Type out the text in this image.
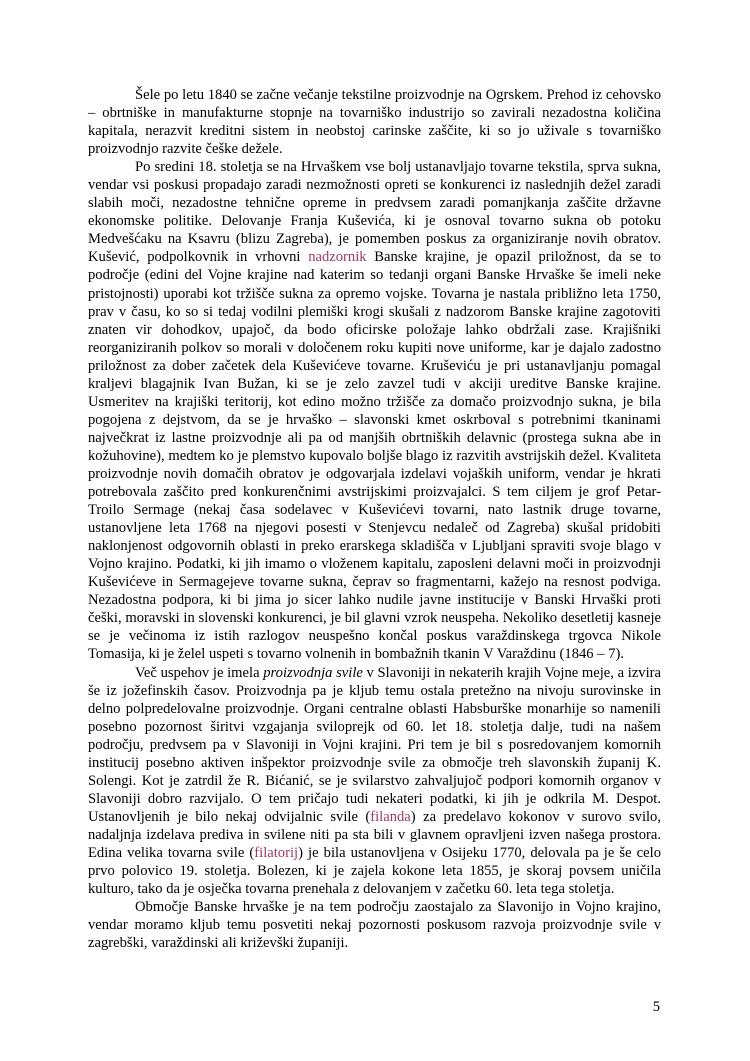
Šele po letu 1840 se začne večanje tekstilne proizvodnje na Ogrskem. Prehod iz cehovsko – obrtniške in manufakturne stopnje na tovarniško industrijo so zavirali nezadostna količina kapitala, nerazvit kreditni sistem in neobstoj carinske zaščite, ki so jo uživale s tovarniško proizvodnjo razvite češke dežele.

Po sredini 18. stoletja se na Hrvaškem vse bolj ustanavljajo tovarne tekstila, sprva sukna, vendar vsi poskusi propadajo zaradi nezmožnosti opreti se konkurenci iz naslednjih dežel zaradi slabih moči, nezadostne tehnične opreme in predvsem zaradi pomanjkanja zaščite državne ekonomske politike. Delovanje Franja Kuševića, ki je osnoval tovarno sukna ob potoku Medvešćaku na Ksavru (blizu Zagreba), je pomemben poskus za organiziranje novih obratov. Kušević, podpolkovnik in vrhovni nadzornik Banske krajine, je opazil priložnost, da se to področje (edini del Vojne krajine nad katerim so tedanji organi Banske Hrvaške še imeli neke pristojnosti) uporabi kot tržišče sukna za opremo vojske. Tovarna je nastala približno leta 1750, prav v času, ko so si tedaj vodilni plemiški krogi skušali z nadzorom Banske krajine zagotoviti znaten vir dohodkov, upajoč, da bodo oficirske položaje lahko obdržali zase. Krajišniki reorganiziranih polkov so morali v določenem roku kupiti nove uniforme, kar je dajalo zadostno priložnost za dober začetek dela Kuševićeve tovarne. Kruševiću je pri ustanavljanju pomagal kraljevi blagajnik Ivan Bužan, ki se je zelo zavzel tudi v akciji ureditve Banske krajine. Usmeritev na krajiški teritorij, kot edino možno tržišče za domačo proizvodnjo sukna, je bila pogojena z dejstvom, da se je hrvaško – slavonski kmet oskrboval s potrebnimi tkaninami največkrat iz lastne proizvodnje ali pa od manjših obrtniških delavnic (prostega sukna abe in kožuhovine), medtem ko je plemstvo kupovalo boljše blago iz razvitih avstrijskih dežel. Kvaliteta proizvodnje novih domačih obratov je odgovarjala izdelavi vojaških uniform, vendar je hkrati potrebovala zaščito pred konkurenčnimi avstrijskimi proizvajalci. S tem ciljem je grof Petar-Troilo Sermage (nekaj časa sodelavec v Kuševićevi tovarni, nato lastnik druge tovarne, ustanovljene leta 1768 na njegovi posesti v Stenjevcu nedaleč od Zagreba) skušal pridobiti naklonjenost odgovornih oblasti in preko erarskega skladišča v Ljubljani spraviti svoje blago v Vojno krajino. Podatki, ki jih imamo o vloženem kapitalu, zaposleni delavni moči in proizvodnji Kuševićeve in Sermagejeve tovarne sukna, čeprav so fragmentarni, kažejo na resnost podviga. Nezadostna podpora, ki bi jima jo sicer lahko nudile javne institucije v Banski Hrvaški proti češki, moravski in slovenski konkurenci, je bil glavni vzrok neuspeha. Nekoliko desetletij kasneje se je večinoma iz istih razlogov neuspešno končal poskus varaždinskega trgovca Nikole Tomasija, ki je želel uspeti s tovarno volnenih in bombažnih tkanin V Varaždinu (1846 – 7).

Več uspehov je imela proizvodnja svile v Slavoniji in nekaterih krajih Vojne meje, a izvira še iz jožefinskih časov. Proizvodnja pa je kljub temu ostala pretežno na nivoju surovinske in delno polpredelovalne proizvodnje. Organi centralne oblasti Habsburške monarhije so namenili posebno pozornost širitvi vzgajanja sviloprejk od 60. let 18. stoletja dalje, tudi na našem področju, predvsem pa v Slavoniji in Vojni krajini. Pri tem je bil s posredovanjem komornih institucij posebno aktiven inšpektor proizvodnje svile za območje treh slavonskih županij K. Solengi. Kot je zatrdil že R. Bićanić, se je svilarstvo zahvaljujoč podpori komornih organov v Slavoniji dobro razvijalo. O tem pričajo tudi nekateri podatki, ki jih je odkrila M. Despot. Ustanovljenih je bilo nekaj odvijalnic svile (filanda) za predelavo kokonov v surovo svilo, nadaljnja izdelava prediva in svilene niti pa sta bili v glavnem opravljeni izven našega prostora. Edina velika tovarna svile (filatorij) je bila ustanovljena v Osijeku 1770, delovala pa je še celo prvo polovico 19. stoletja. Bolezen, ki je zajela kokone leta 1855, je skoraj povsem uničila kulturo, tako da je osječka tovarna prenehala z delovanjem v začetku 60. leta tega stoletja.

Območje Banske hrvaške je na tem področju zaostajalo za Slavonijo in Vojno krajino, vendar moramo kljub temu posvetiti nekaj pozornosti poskusom razvoja proizvodnje svile v zagrebški, varaždinski ali križevški županiji.

5
